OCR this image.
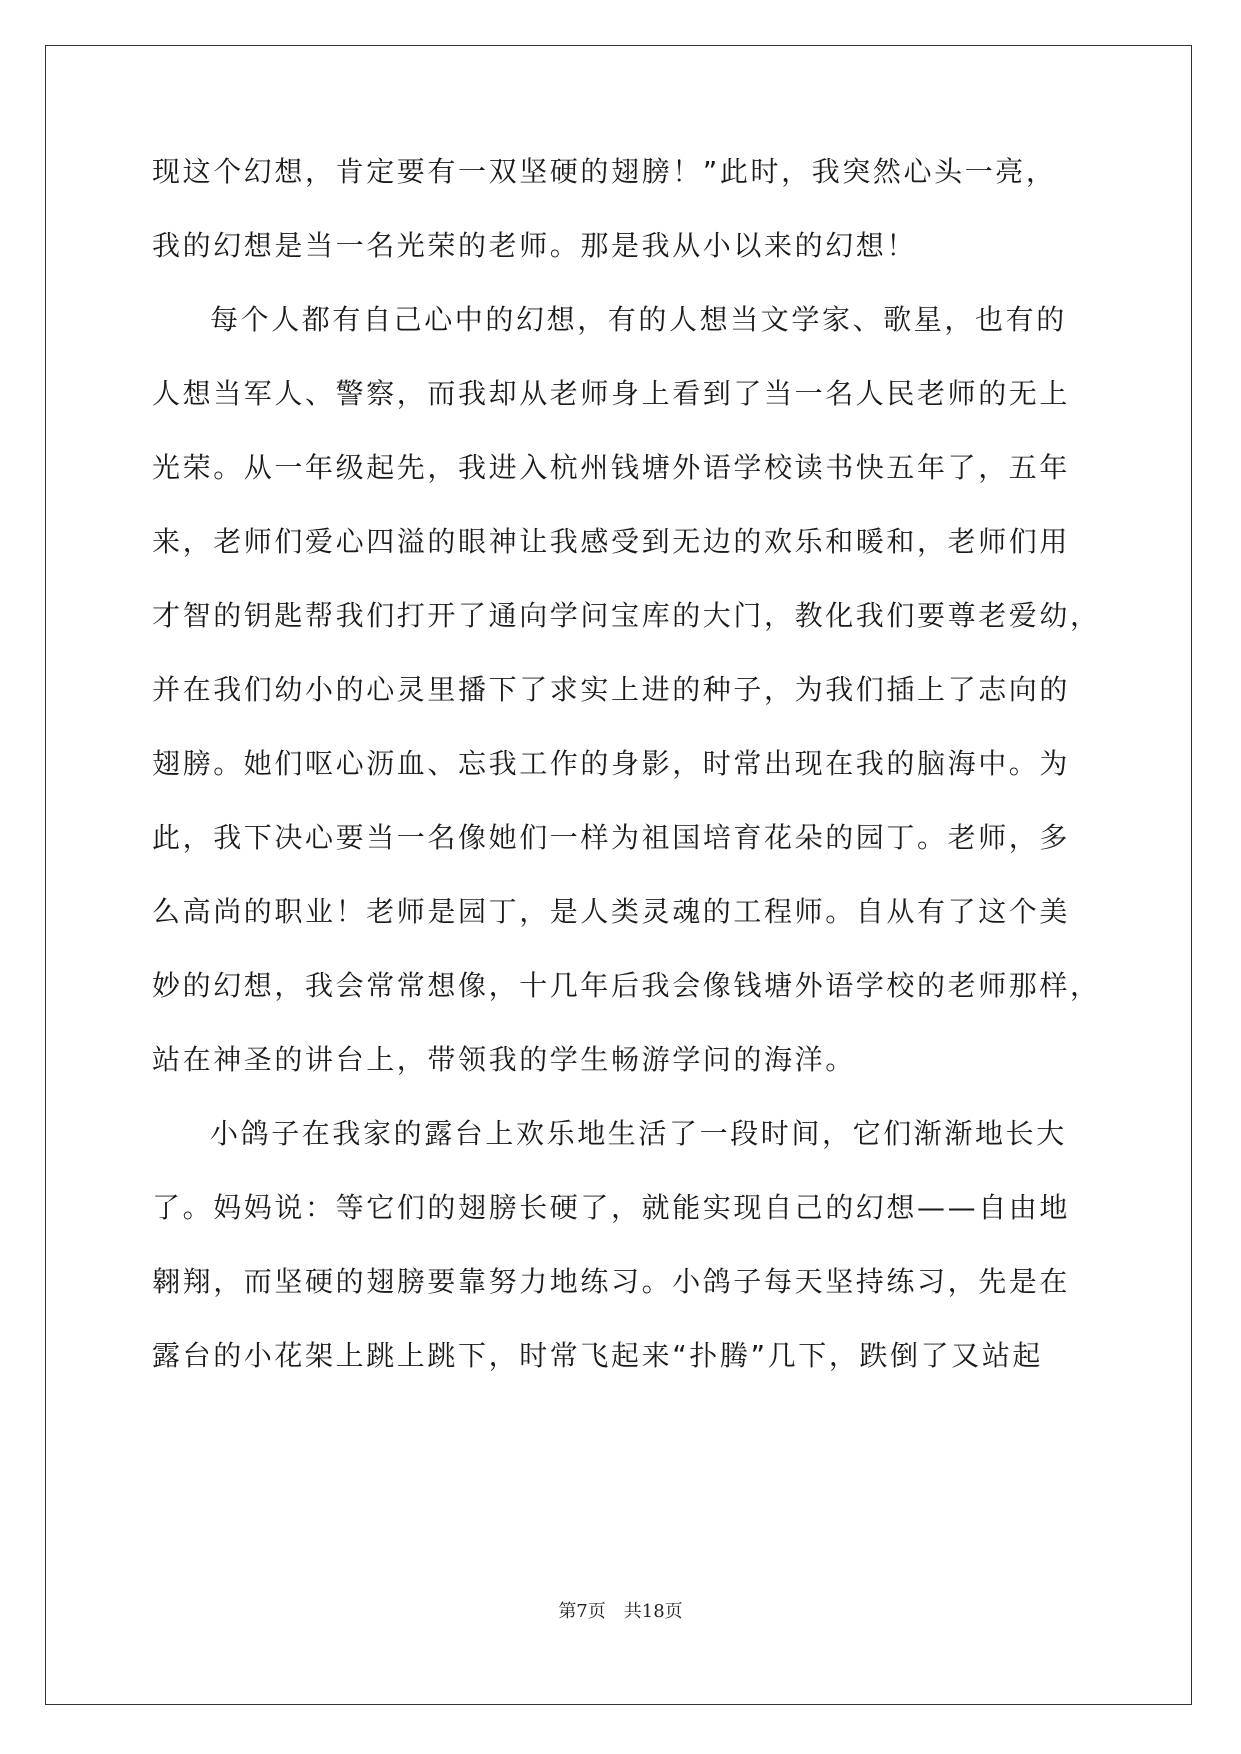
现这个幻想，肯定要有一双坚硬的翅膀！”此时，我突然心头一亮，
我的幻想是当一名光荣的老师。那是我从小以来的幻想！
每个人都有自己心中的幻想，有的人想当文学家、歌星，也有的
人想当军人、警察，而我却从老师身上看到了当一名人民老师的无上
光荣。从一年级起先，我进入杭州钱塘外语学校读书快五年了，五年
来，老师们爱心四溢的眼神让我感受到无边的欢乐和暖和，老师们用
才智的钥匙帮我们打开了通向学问宝库的大门，教化我们要尊老爱幼，
并在我们幼小的心灵里播下了求实上进的种子，为我们插上了志向的
翅膀。她们呕心沥血、忘我工作的身影，时常出现在我的脑海中。为
此，我下决心要当一名像她们一样为祖国培育花朵的园丁。老师，多
么高尚的职业！老师是园丁，是人类灵魂的工程师。自从有了这个美
妙的幻想，我会常常想像，十几年后我会像钱塘外语学校的老师那样，
站在神圣的讲台上，带领我的学生畅游学问的海洋。
小鸽子在我家的露台上欢乐地生活了一段时间，它们渐渐地长大
了。妈妈说：等它们的翅膀长硬了，就能实现自己的幻想——自由地
翱翔，而坚硬的翅膀要靠努力地练习。小鸽子每天坚持练习，先是在
露台的小花架上跳上跳下，时常飞起来“扑腾”几下，跌倒了又站起
第7页 共18页
